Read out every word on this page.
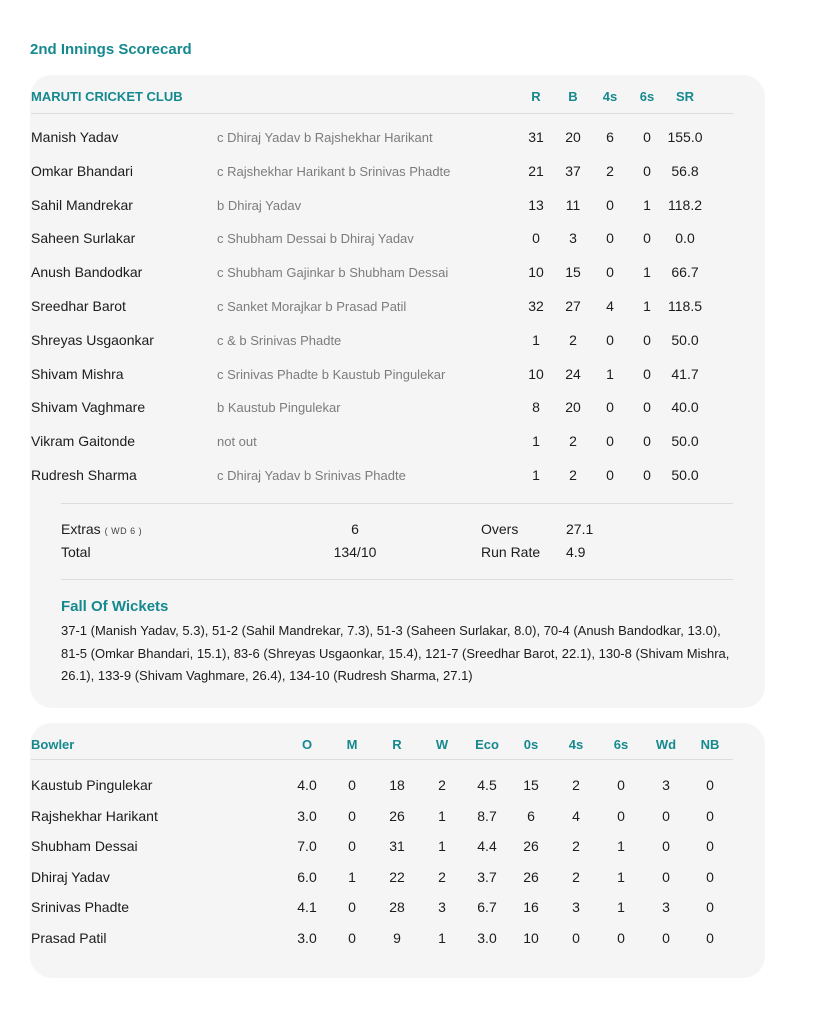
2nd Innings Scorecard
MARUTI CRICKET CLUB	R	B	4s	6s	SR
Manish Yadav	c Dhiraj Yadav b Rajshekhar Harikant	31	20	6	0	155.0
Omkar Bhandari	c Rajshekhar Harikant b Srinivas Phadte	21	37	2	0	56.8
Sahil Mandrekar	b Dhiraj Yadav	13	11	0	1	118.2
Saheen Surlakar	c Shubham Dessai b Dhiraj Yadav	0	3	0	0	0.0
Anush Bandodkar	c Shubham Gajinkar b Shubham Dessai	10	15	0	1	66.7
Sreedhar Barot	c Sanket Morajkar b Prasad Patil	32	27	4	1	118.5
Shreyas Usgaonkar	c & b Srinivas Phadte	1	2	0	0	50.0
Shivam Mishra	c Srinivas Phadte b Kaustub Pingulekar	10	24	1	0	41.7
Shivam Vaghmare	b Kaustub Pingulekar	8	20	0	0	40.0
Vikram Gaitonde	not out	1	2	0	0	50.0
Rudresh Sharma	c Dhiraj Yadav b Srinivas Phadte	1	2	0	0	50.0
Extras ( WD 6 )	6	Overs	27.1
Total	134/10	Run Rate 4.9
Fall Of Wickets
37-1 (Manish Yadav, 5.3), 51-2 (Sahil Mandrekar, 7.3), 51-3 (Saheen Surlakar, 8.0), 70-4 (Anush Bandodkar, 13.0), 81-5 (Omkar Bhandari, 15.1), 83-6 (Shreyas Usgaonkar, 15.4), 121-7 (Sreedhar Barot, 22.1), 130-8 (Shivam Mishra, 26.1), 133-9 (Shivam Vaghmare, 26.4), 134-10 (Rudresh Sharma, 27.1)
Bowler	O	M	R	W	Eco	0s	4s	6s	Wd	NB
Kaustub Pingulekar	4.0	0	18	2	4.5	15	2	0	3	0
Rajshekhar Harikant	3.0	0	26	1	8.7	6	4	0	0	0
Shubham Dessai	7.0	0	31	1	4.4	26	2	1	0	0
Dhiraj Yadav	6.0	1	22	2	3.7	26	2	1	0	0
Srinivas Phadte	4.1	0	28	3	6.7	16	3	1	3	0
Prasad Patil	3.0	0	9	1	3.0	10	0	0	0	0
